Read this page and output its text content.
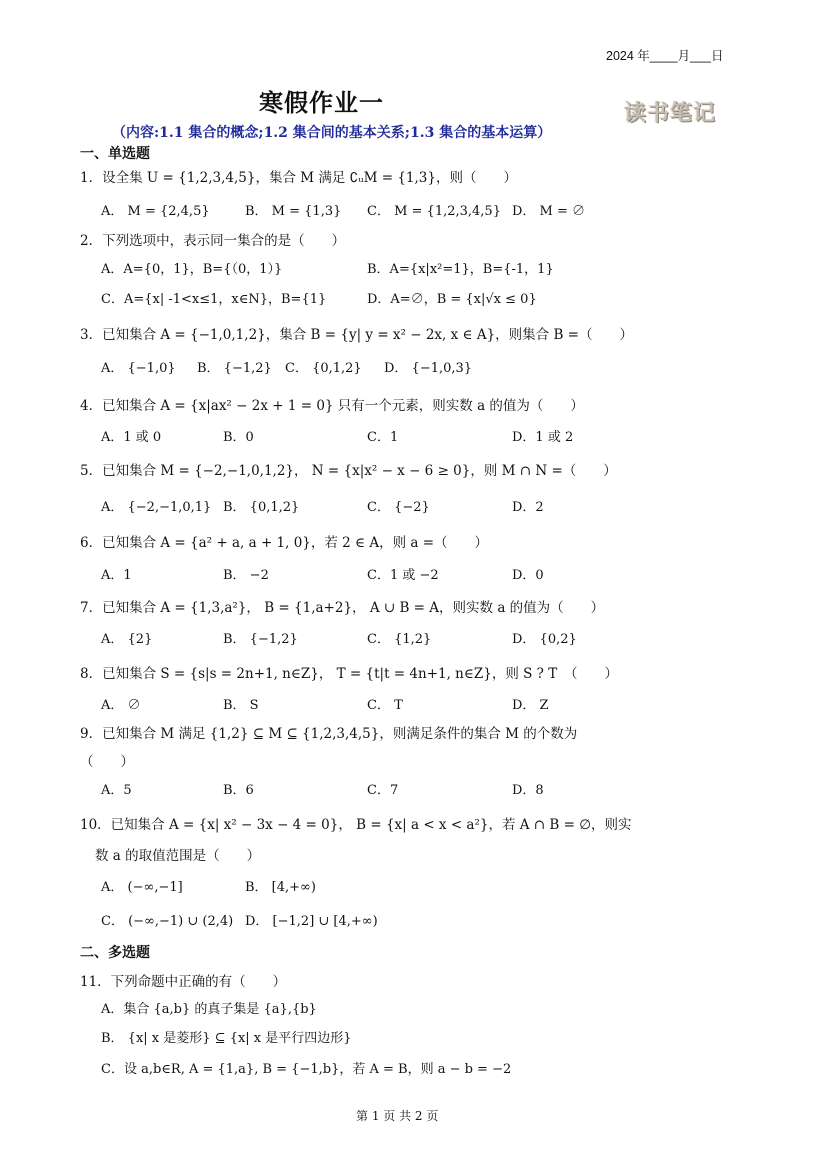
2024 年____月___日
寒假作业一	读书笔记
（内容:1.1 集合的概念;1.2 集合间的基本关系;1.3 集合的基本运算）
一、单选题
1．设全集 U = {1,2,3,4,5}，集合 M 满足 ∁ᵤM = {1,3}，则（　　）
A． M = {2,4,5}	B． M = {1,3} C． M = {1,2,3,4,5} D． M = ∅
2．下列选项中，表示同一集合的是（　　）
A．A={0，1}，B={（0，1）}	B．A={x|x²=1}，B={-1，1}
C．A={x| -1<x≤1，x∈N}，B={1}	D．A=∅，B = {x|√x ≤ 0}
3．已知集合 A = {−1,0,1,2}，集合 B = {y| y = x² − 2x, x ∈ A}，则集合 B =（　　）
A． {−1,0} B． {−1,2} C． {0,1,2} D． {−1,0,3}
4．已知集合 A = {x|ax² − 2x + 1 = 0} 只有一个元素，则实数 a 的值为（　　）
A．1 或 0	B．0	C．1	D．1 或 2
5．已知集合 M = {−2,−1,0,1,2}， N = {x|x² − x − 6 ≥ 0}，则 M ∩ N =（　　）
A． {−2,−1,0,1} B． {0,1,2}	C． {−2}	D．2
6．已知集合 A = {a² + a, a + 1, 0}，若 2 ∈ A，则 a =（　　）
A．1	B． −2	C．1 或 −2	D．0
7．已知集合 A = {1,3,a²}， B = {1,a+2}， A ∪ B = A，则实数 a 的值为（　　）
A． {2}	B． {−1,2}	C． {1,2}	D． {0,2}
8．已知集合 S = {s|s = 2n+1, n∈Z}， T = {t|t = 4n+1, n∈Z}，则 S ? T　（　　）
A． ∅	B． S	C． T	D． Z
9．已知集合 M 满足 {1,2} ⊆ M ⊆ {1,2,3,4,5}，则满足条件的集合 M 的个数为
（　　）
A．5	B．6	C．7	D．8
10．已知集合 A = {x| x² − 3x − 4 = 0}， B = {x| a < x < a²}，若 A ∩ B = ∅，则实
数 a 的取值范围是（　　）
A． (−∞,−1]	B． [4,+∞)
C． (−∞,−1) ∪ (2,4) D． [−1,2] ∪ [4,+∞)
二、多选题
11．下列命题中正确的有（　　）
A．集合 {a,b} 的真子集是 {a},{b}
B． {x| x 是菱形} ⊆ {x| x 是平行四边形}
C．设 a,b∈R, A = {1,a}, B = {−1,b}，若 A = B，则 a − b = −2
第 1 页 共 2 页
